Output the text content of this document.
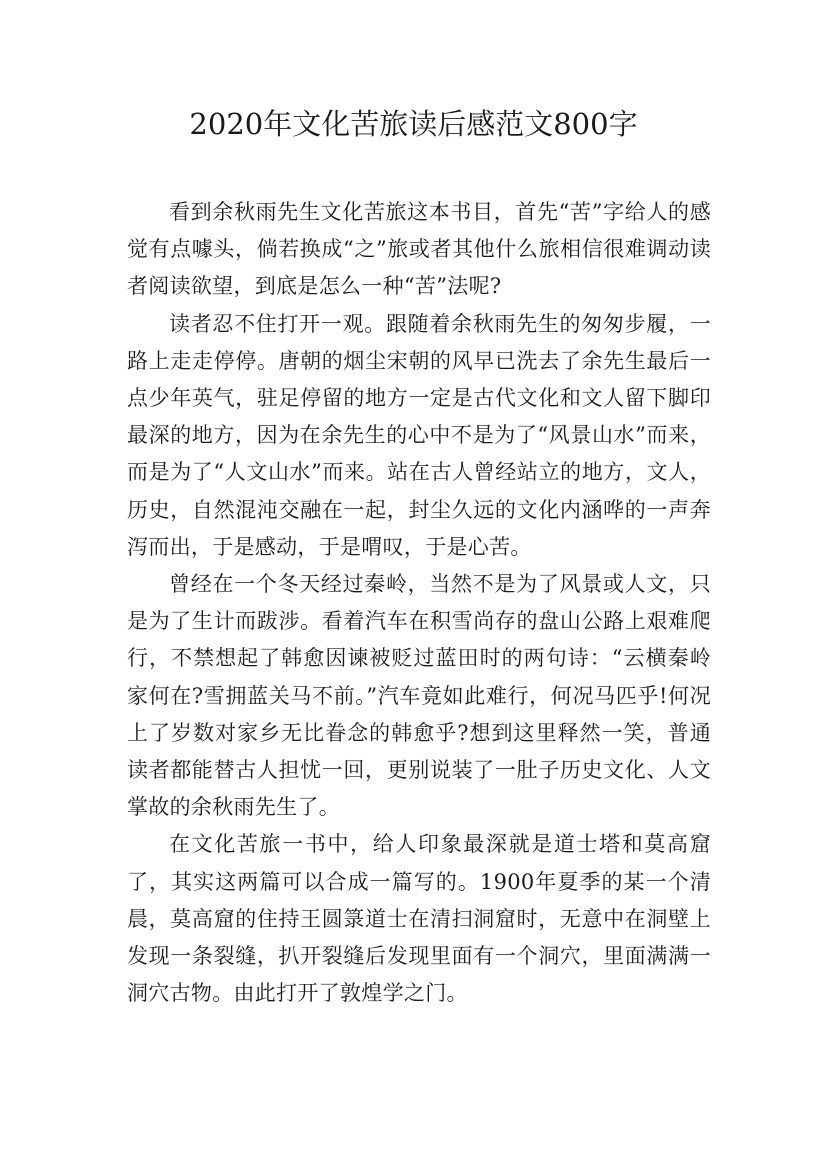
2020年文化苦旅读后感范文800字

看到余秋雨先生文化苦旅这本书目，首先“苦”字给人的感觉有点噱头，倘若换成“之”旅或者其他什么旅相信很难调动读者阅读欲望，到底是怎么一种“苦”法呢?

读者忍不住打开一观。跟随着余秋雨先生的匆匆步履，一路上走走停停。唐朝的烟尘宋朝的风早已洗去了余先生最后一点少年英气，驻足停留的地方一定是古代文化和文人留下脚印最深的地方，因为在余先生的心中不是为了“风景山水”而来，而是为了“人文山水”而来。站在古人曾经站立的地方，文人，历史，自然混沌交融在一起，封尘久远的文化内涵哗的一声奔泻而出，于是感动，于是喟叹，于是心苦。

曾经在一个冬天经过秦岭，当然不是为了风景或人文，只是为了生计而跋涉。看着汽车在积雪尚存的盘山公路上艰难爬行，不禁想起了韩愈因谏被贬过蓝田时的两句诗：“云横秦岭家何在?雪拥蓝关马不前。”汽车竟如此难行，何况马匹乎!何况上了岁数对家乡无比眷念的韩愈乎?想到这里释然一笑，普通读者都能替古人担忧一回，更别说装了一肚子历史文化、人文掌故的余秋雨先生了。

在文化苦旅一书中，给人印象最深就是道士塔和莫高窟了，其实这两篇可以合成一篇写的。1900年夏季的某一个清晨，莫高窟的住持王圆箓道士在清扫洞窟时，无意中在洞壁上发现一条裂缝，扒开裂缝后发现里面有一个洞穴，里面满满一洞穴古物。由此打开了敦煌学之门。
